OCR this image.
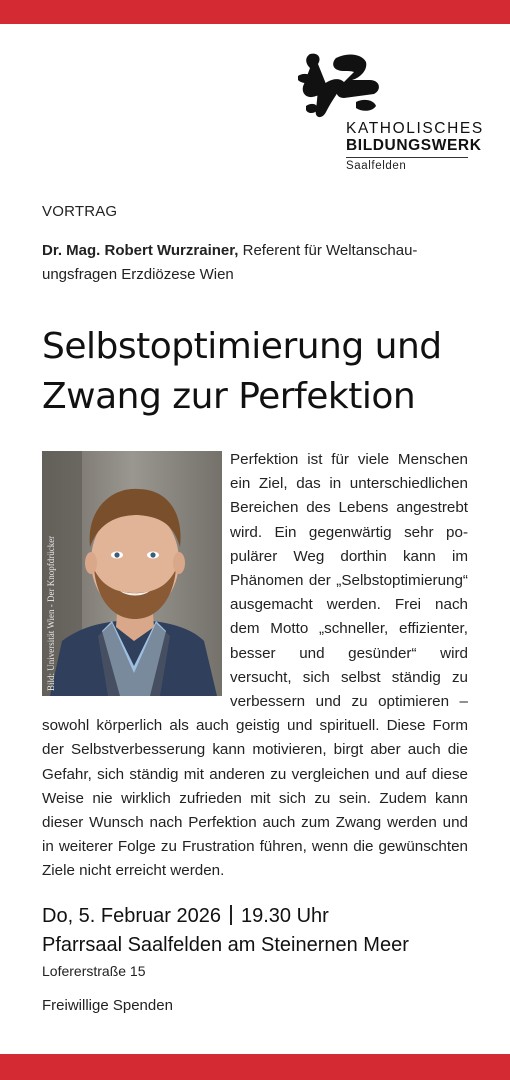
KATHOLISCHES
BILDUNGSWERK
Saalfelden
VORTRAG
Dr. Mag. Robert Wurzrainer, Referent für Weltanschauungsfragen Erzdiözese Wien
Selbstoptimierung und
Zwang zur Perfektion
Perfektion ist für viele Menschen ein Ziel, das in unterschiedlichen Bereichen des Lebens angestrebt wird. Ein gegenwärtig sehr populärer Weg dorthin kann im Phänomen der „Selbstoptimierung“ ausgemacht werden. Frei nach dem Motto „schneller, effizienter, besser und gesünder“ wird versucht, sich selbst ständig zu verbessern und zu optimieren – sowohl körperlich als auch geistig und spirituell. Diese Form der Selbstverbesserung kann motivieren, birgt aber auch die Gefahr, sich ständig mit anderen zu vergleichen und auf diese Weise nie wirklich zufrieden mit sich zu sein. Zudem kann dieser Wunsch nach Perfektion auch zum Zwang werden und in weiterer Folge zu Frustration führen, wenn die gewünschten Ziele nicht erreicht werden.
Bild: Universität Wien - Der Knopfdrücker
Do, 5. Februar 2026 19.30 Uhr
Pfarrsaal Saalfelden am Steinernen Meer
Lofererstraße 15
Freiwillige Spenden
